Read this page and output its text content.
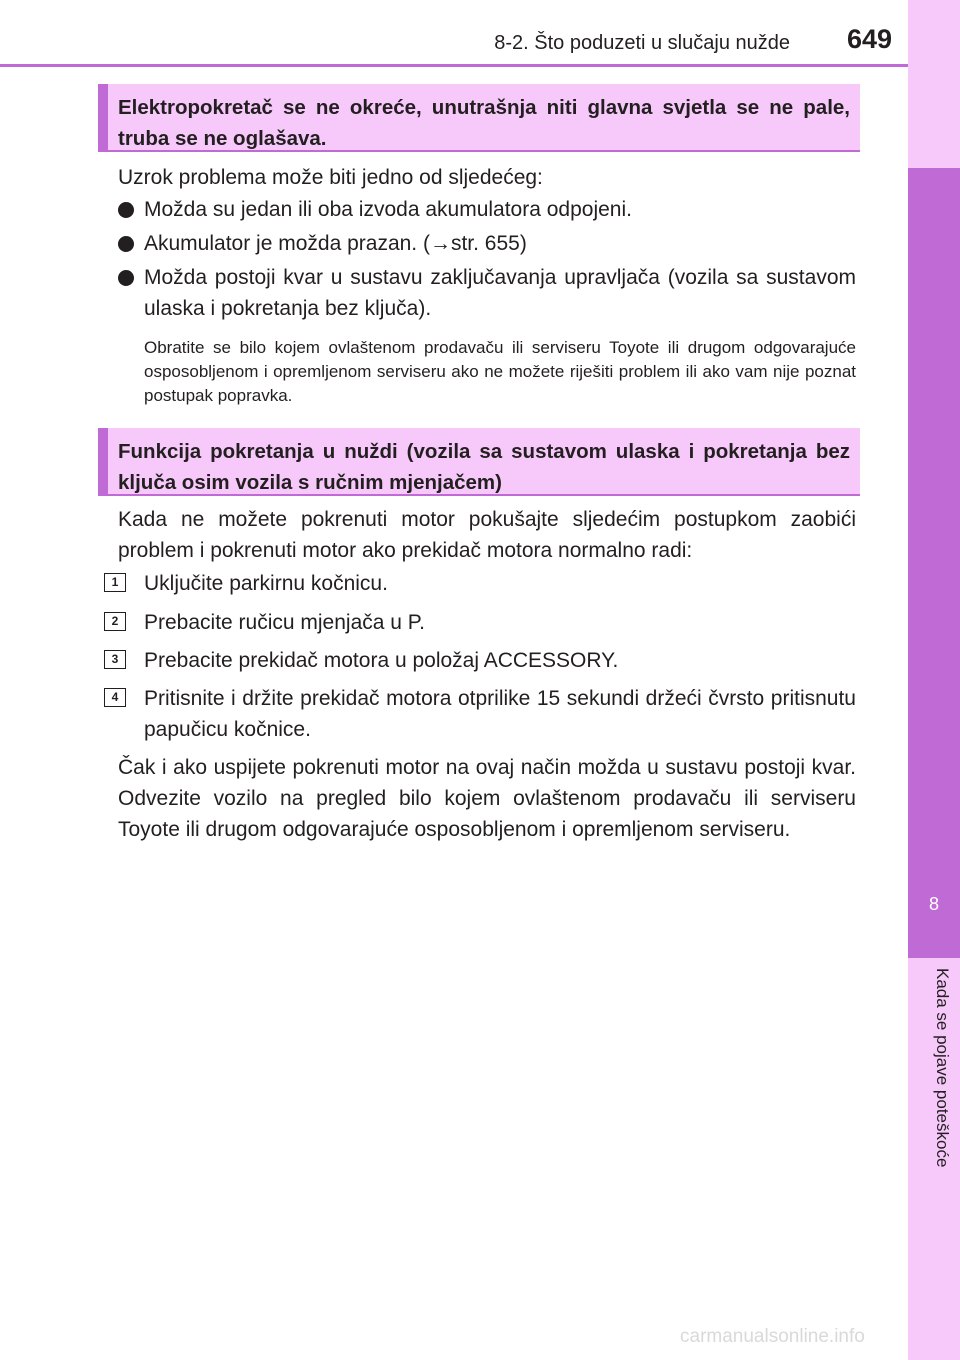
8-2. Što poduzeti u slučaju nužde 649
8
Kada se pojave poteškoće
Elektropokretač se ne okreće, unutrašnja niti glavna svjetla se ne pale, truba se ne oglašava.
Uzrok problema može biti jedno od sljedećeg:
Možda su jedan ili oba izvoda akumulatora odpojeni.
Akumulator je možda prazan. (→str. 655)
Možda postoji kvar u sustavu zaključavanja upravljača (vozila sa sustavom ulaska i pokretanja bez ključa).
Obratite se bilo kojem ovlaštenom prodavaču ili serviseru Toyote ili drugom odgovarajuće osposobljenom i opremljenom serviseru ako ne možete riješiti problem ili ako vam nije poznat postupak popravka.
Funkcija pokretanja u nuždi (vozila sa sustavom ulaska i pokretanja bez ključa osim vozila s ručnim mjenjačem)
Kada ne možete pokrenuti motor pokušajte sljedećim postupkom zaobići problem i pokrenuti motor ako prekidač motora normalno radi:
1	Uključite parkirnu kočnicu.
2	Prebacite ručicu mjenjača u P.
3	Prebacite prekidač motora u položaj ACCESSORY.
4	Pritisnite i držite prekidač motora otprilike 15 sekundi držeći čvrsto pritisnutu papučicu kočnice.
Čak i ako uspijete pokrenuti motor na ovaj način možda u sustavu postoji kvar. Odvezite vozilo na pregled bilo kojem ovlaštenom prodavaču ili serviseru Toyote ili drugom odgovarajuće osposobljenom i opremljenom serviseru.
carmanualsonline.info
